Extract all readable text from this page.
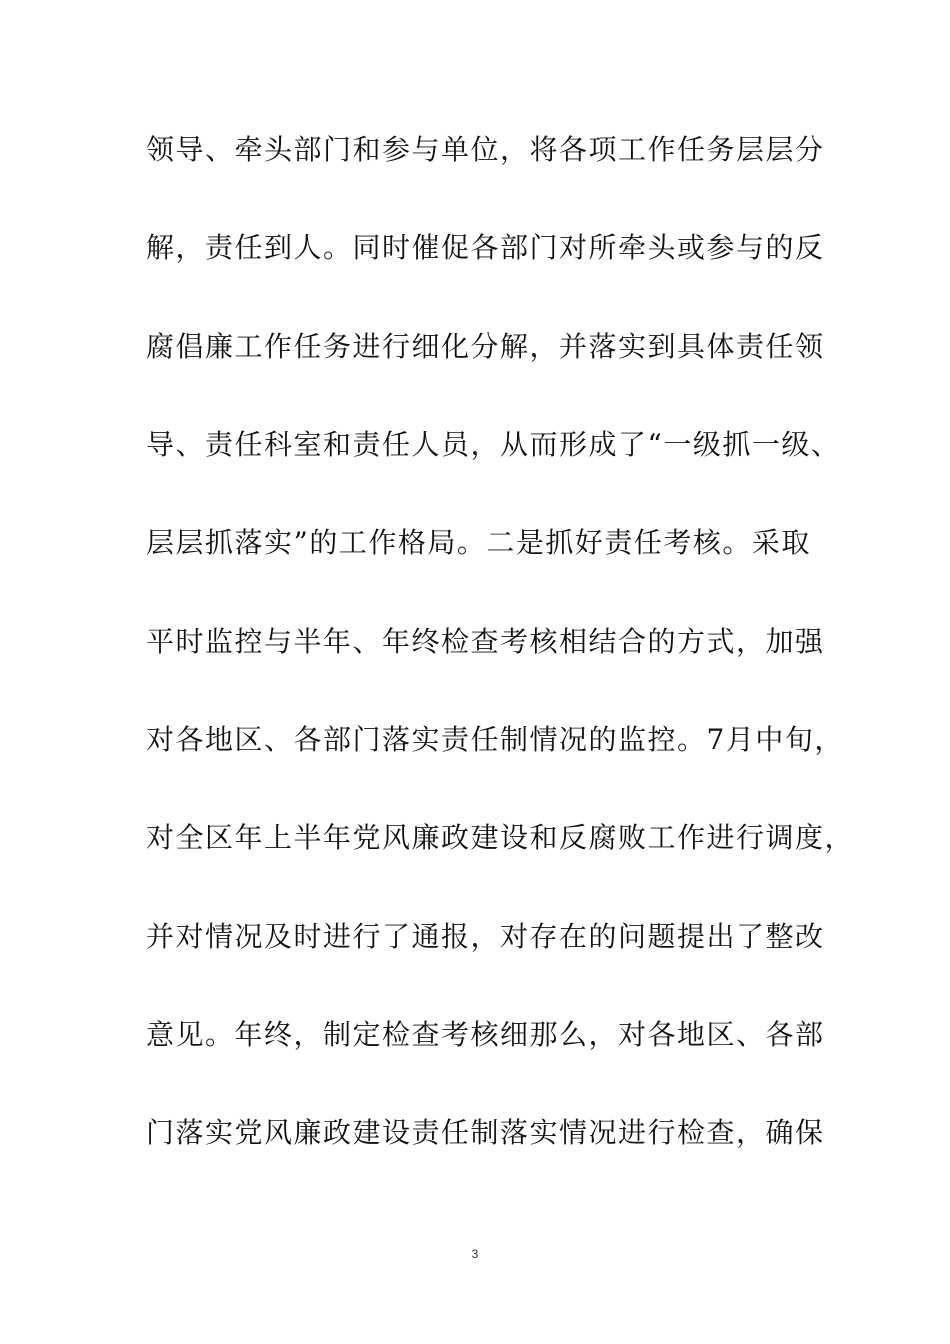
领导、牵头部门和参与单位，将各项工作任务层层分
解，责任到人。同时催促各部门对所牵头或参与的反
腐倡廉工作任务进行细化分解，并落实到具体责任领
导、责任科室和责任人员，从而形成了“一级抓一级、
层层抓落实”的工作格局。二是抓好责任考核。采取
平时监控与半年、年终检查考核相结合的方式，加强
对各地区、各部门落实责任制情况的监控。7月中旬，
对全区年上半年党风廉政建设和反腐败工作进行调度，
并对情况及时进行了通报，对存在的问题提出了整改
意见。年终，制定检查考核细那么，对各地区、各部
门落实党风廉政建设责任制落实情况进行检查，确保
3
